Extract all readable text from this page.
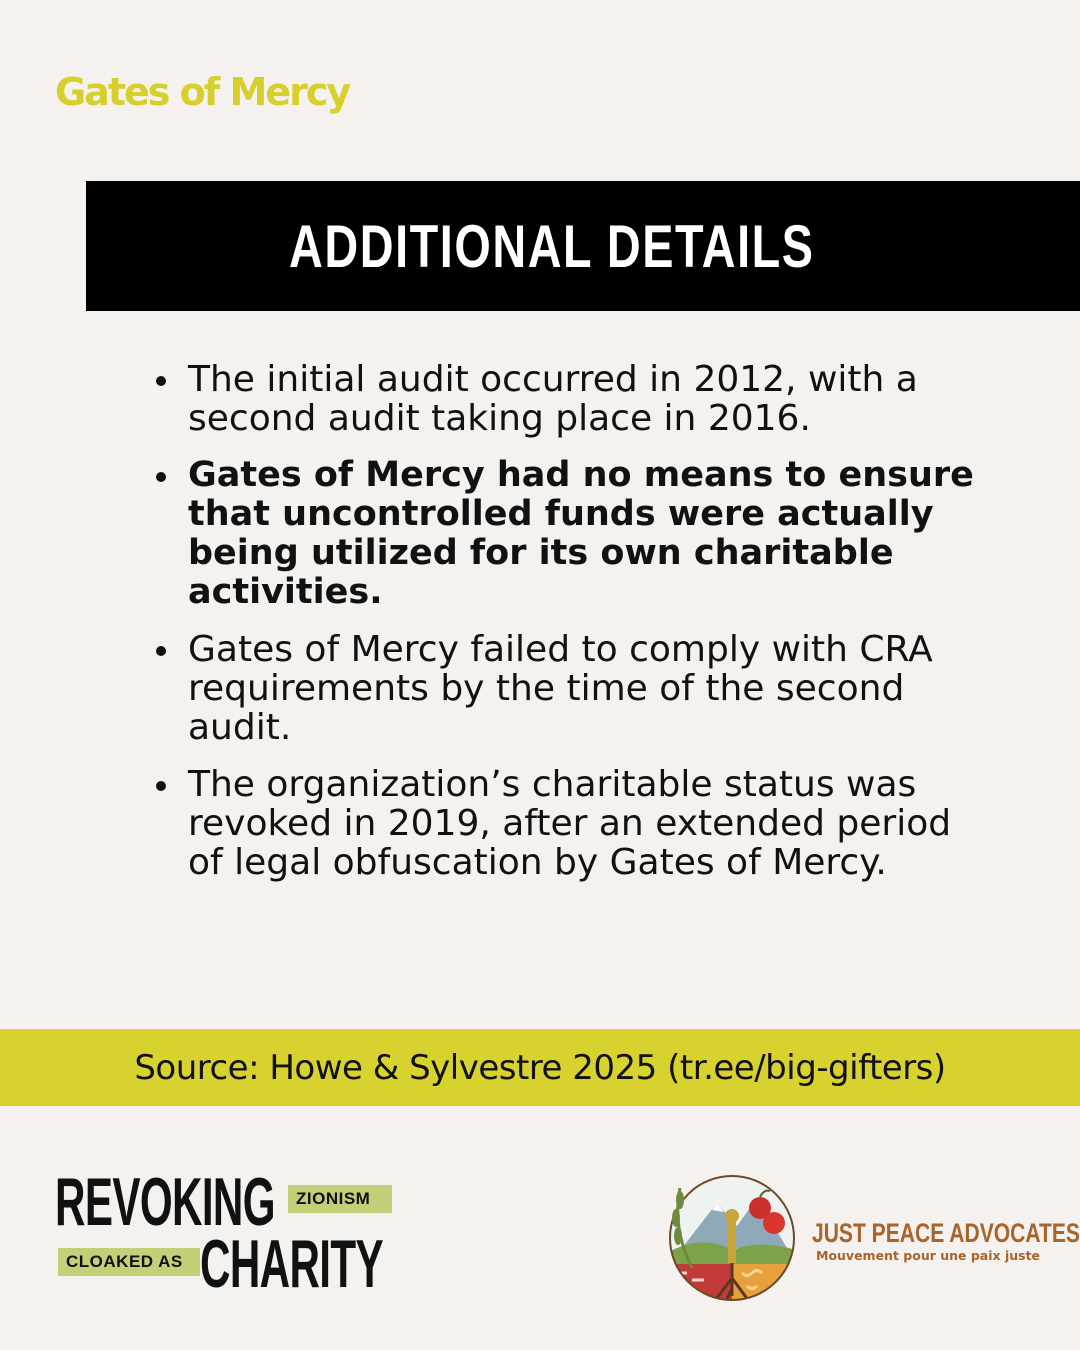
Gates of Mercy
ADDITIONAL DETAILS
The initial audit occurred in 2012, with a second audit taking place in 2016.
Gates of Mercy had no means to ensure that uncontrolled funds were actually being utilized for its own charitable activities.
Gates of Mercy failed to comply with CRA requirements by the time of the second audit.
The organization’s charitable status was revoked in 2019, after an extended period of legal obfuscation by Gates of Mercy.
Source: Howe & Sylvestre 2025 (tr.ee/big-gifters)
REVOKING	ZIONISM
CLOAKED AS CHARITY	JUST PEACE ADVOCATES
Mouvement pour une paix juste
